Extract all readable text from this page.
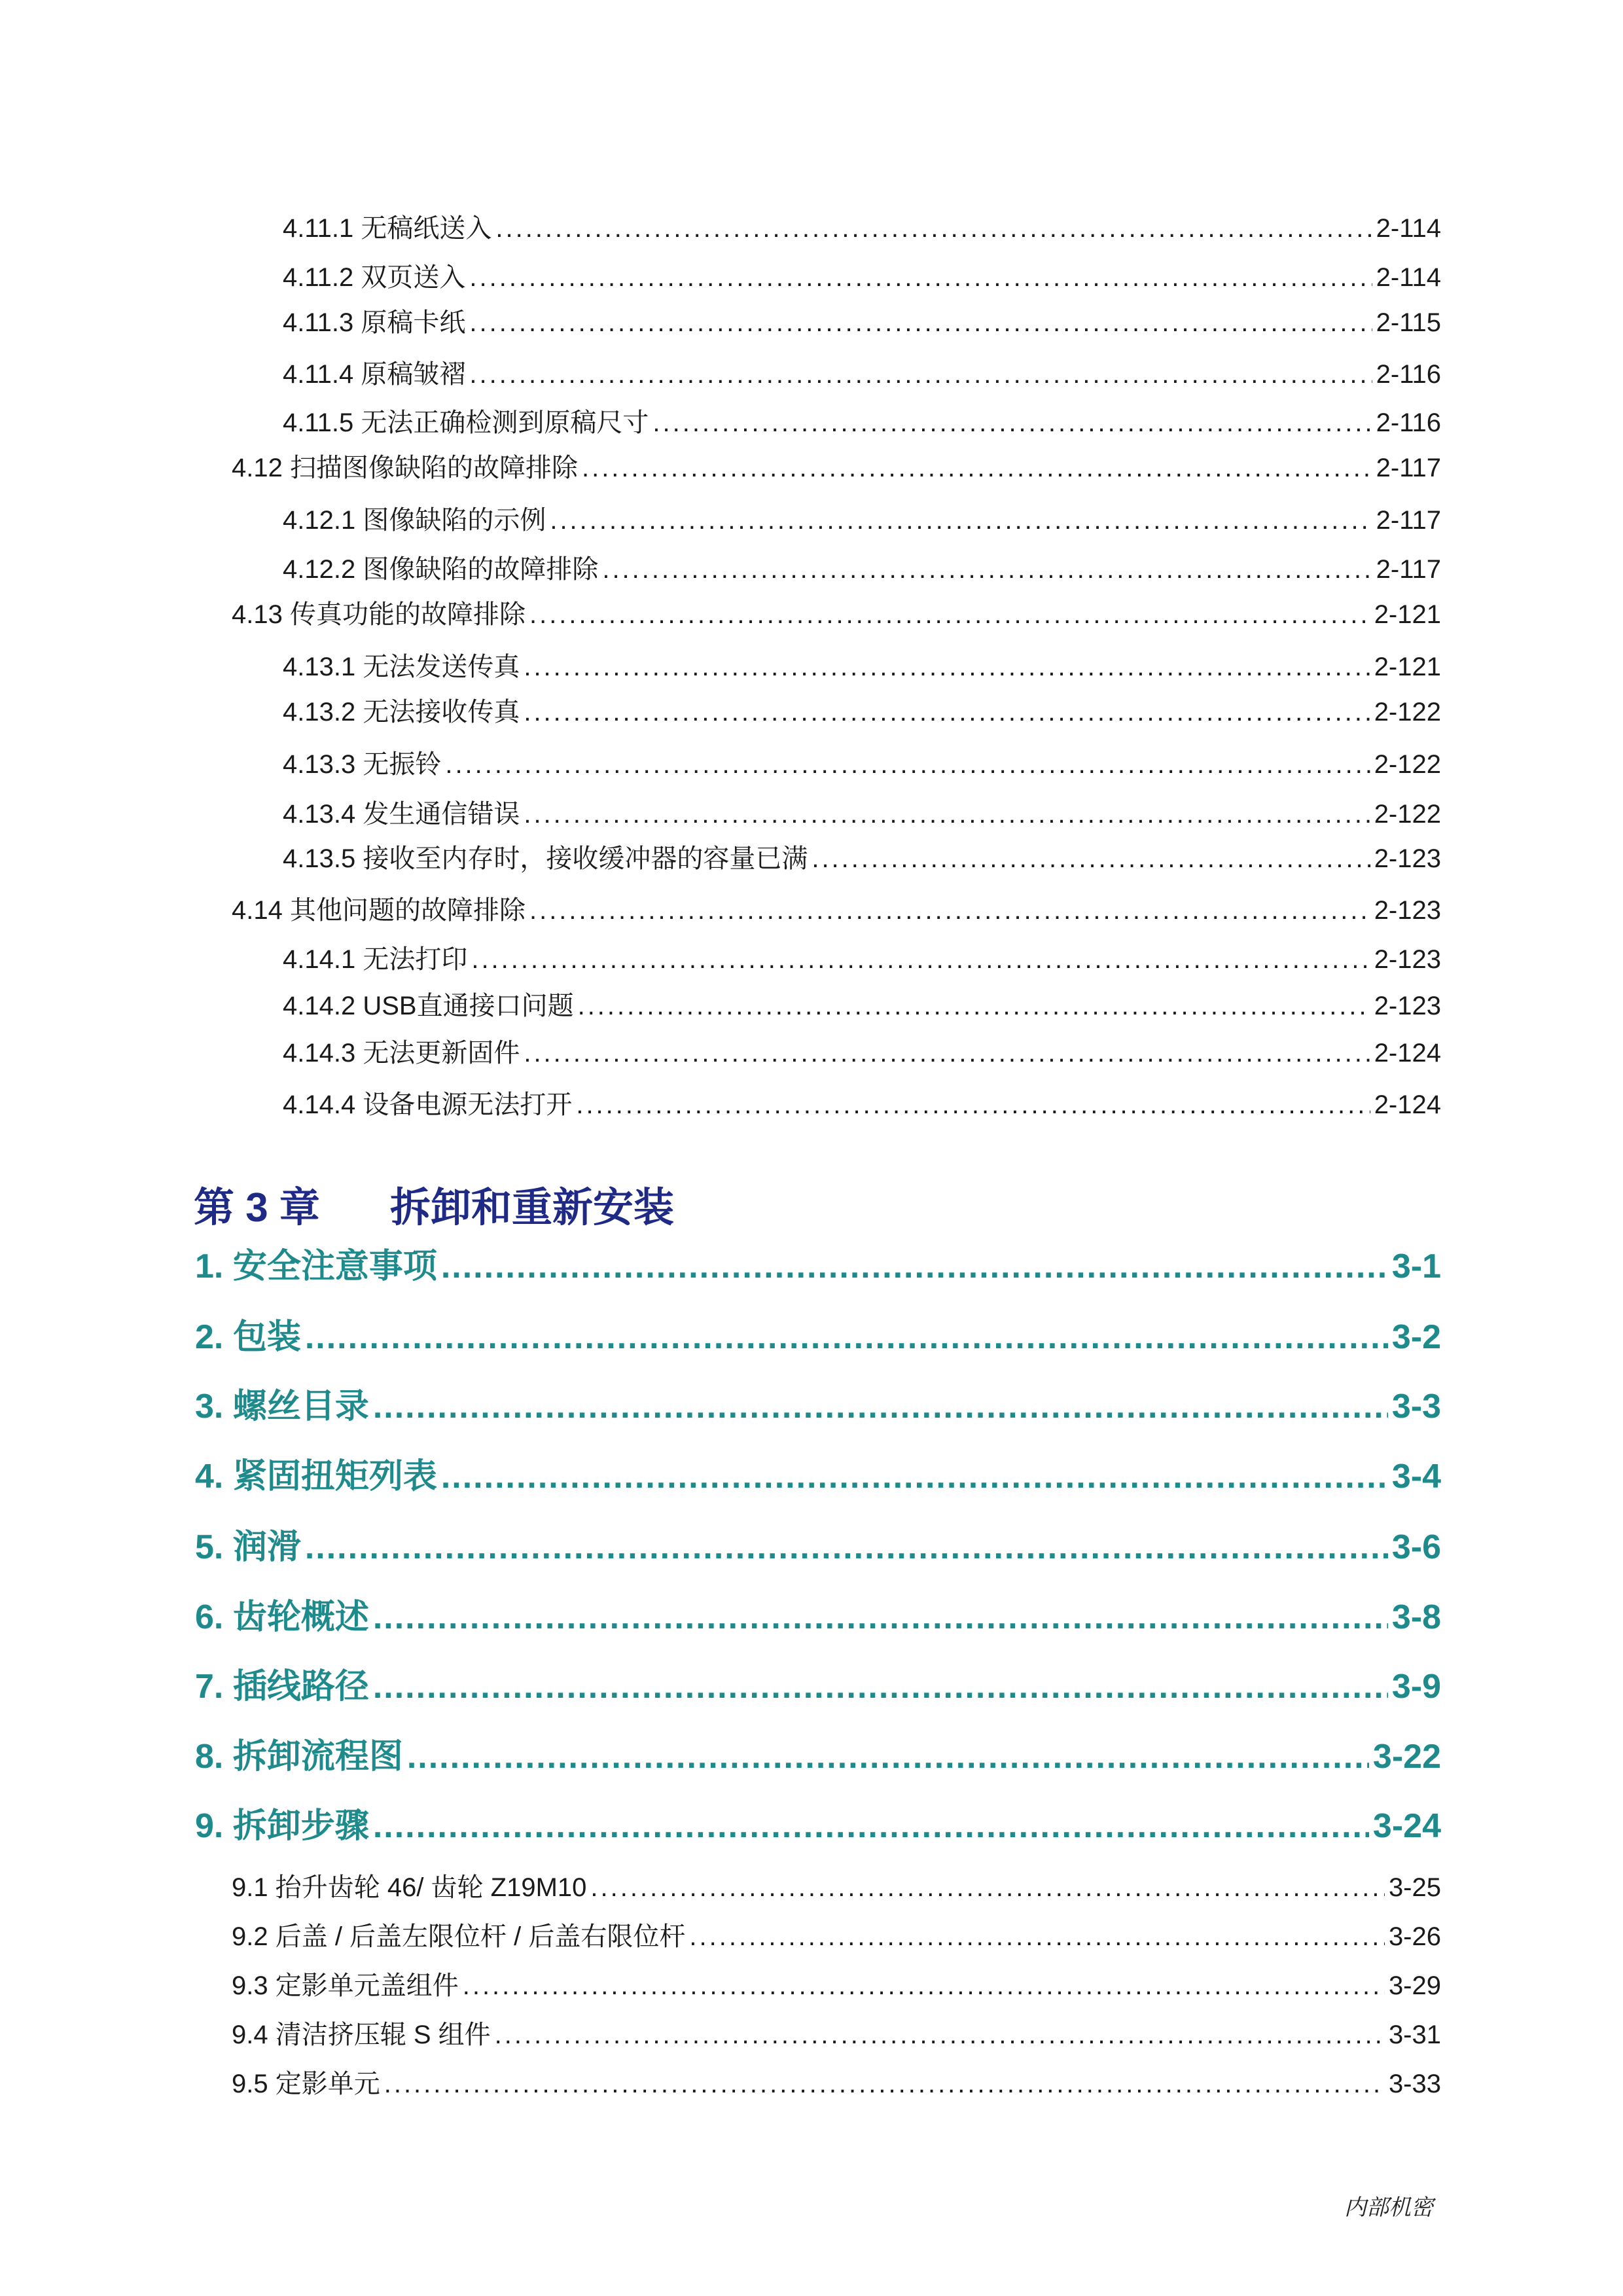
4.11.1 无稿纸送入 .....	2-114
4.11.2 双页送入 .....	2-114
4.11.3 原稿卡纸 .....	2-115
4.11.4 原稿皱褶 .....	2-116
4.11.5 无法正确检测到原稿尺寸 .....	2-116
4.12 扫描图像缺陷的故障排除 .....	2-117
4.12.1 图像缺陷的示例 .....	2-117
4.12.2 图像缺陷的故障排除 .....	2-117
4.13 传真功能的故障排除 .....	2-121
4.13.1 无法发送传真 .....	2-121
4.13.2 无法接收传真 .....	2-122
4.13.3 无振铃 .....	2-122
4.13.4 发生通信错误 .....	2-122
4.13.5 接收至内存时，接收缓冲器的容量已满 .....	2-123
4.14 其他问题的故障排除 .....	2-123
4.14.1 无法打印 .....	2-123
4.14.2 USB直通接口问题 .....	2-123
4.14.3 无法更新固件 .....	2-124
4.14.4 设备电源无法打开 .....	2-124
第 3 章 拆卸和重新安装
1. 安全注意事项 .....	3-1
2. 包装 .....	3-2
3. 螺丝目录 .....	3-3
4. 紧固扭矩列表 .....	3-4
5. 润滑 .....	3-6
6. 齿轮概述 .....	3-8
7. 插线路径 .....	3-9
8. 拆卸流程图 .....	3-22
9. 拆卸步骤 .....	3-24
9.1 抬升齿轮 46/ 齿轮 Z19M10 .....	3-25
9.2 后盖 / 后盖左限位杆 / 后盖右限位杆 .....	3-26
9.3 定影单元盖组件 .....	3-29
9.4 清洁挤压辊 S 组件 .....	3-31
9.5 定影单元 .....	3-33
内部机密
